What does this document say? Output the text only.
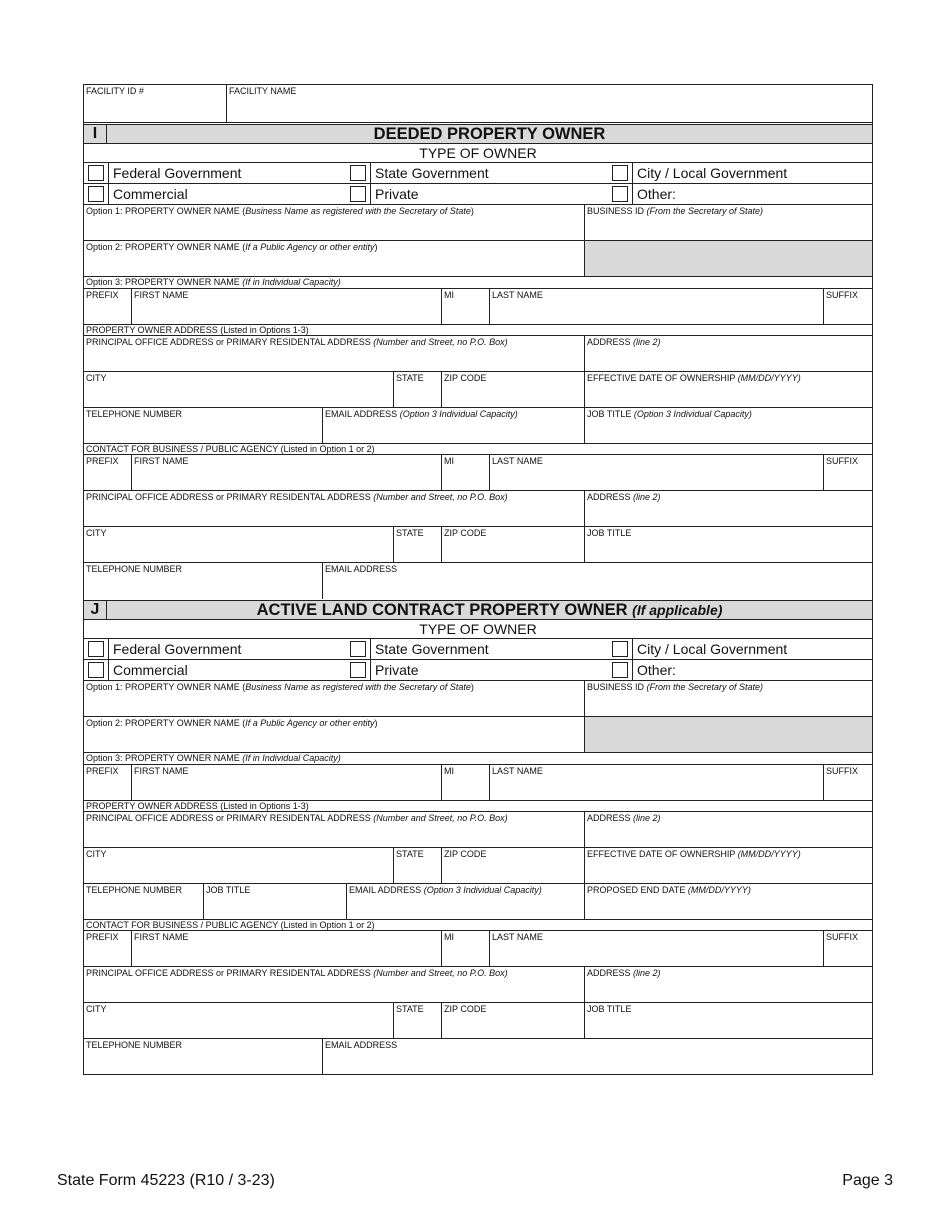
FACILITY ID #	FACILITY NAME
I	DEEDED PROPERTY OWNER
TYPE OF OWNER
Federal Government	State Government	City / Local Government
Commercial	Private	Other:
Option 1: PROPERTY OWNER NAME (Business Name as registered with the Secretary of State)	BUSINESS ID (From the Secretary of State)
Option 2: PROPERTY OWNER NAME (If a Public Agency or other entity)
Option 3: PROPERTY OWNER NAME (If in Individual Capacity)
PREFIX	FIRST NAME	MI	LAST NAME	SUFFIX
PROPERTY OWNER ADDRESS (Listed in Options 1-3)
PRINCIPAL OFFICE ADDRESS or PRIMARY RESIDENTAL ADDRESS (Number and Street, no P.O. Box)	ADDRESS (line 2)
CITY	STATE	ZIP CODE	EFFECTIVE DATE OF OWNERSHIP (MM/DD/YYYY)
TELEPHONE NUMBER	EMAIL ADDRESS (Option 3 Individual Capacity)	JOB TITLE (Option 3 Individual Capacity)
CONTACT FOR BUSINESS / PUBLIC AGENCY (Listed in Option 1 or 2)
PREFIX	FIRST NAME	MI	LAST NAME	SUFFIX
PRINCIPAL OFFICE ADDRESS or PRIMARY RESIDENTAL ADDRESS (Number and Street, no P.O. Box)	ADDRESS (line 2)
CITY	STATE	ZIP CODE	JOB TITLE
TELEPHONE NUMBER	EMAIL ADDRESS
J	ACTIVE LAND CONTRACT PROPERTY OWNER (If applicable)
TYPE OF OWNER
Federal Government	State Government	City / Local Government
Commercial	Private	Other:
Option 1: PROPERTY OWNER NAME (Business Name as registered with the Secretary of State)	BUSINESS ID (From the Secretary of State)
Option 2: PROPERTY OWNER NAME (If a Public Agency or other entity)
Option 3: PROPERTY OWNER NAME (If in Individual Capacity)
PREFIX	FIRST NAME	MI	LAST NAME	SUFFIX
PROPERTY OWNER ADDRESS (Listed in Options 1-3)
PRINCIPAL OFFICE ADDRESS or PRIMARY RESIDENTAL ADDRESS (Number and Street, no P.O. Box)	ADDRESS (line 2)
CITY	STATE	ZIP CODE	EFFECTIVE DATE OF OWNERSHIP (MM/DD/YYYY)
TELEPHONE NUMBER	JOB TITLE	EMAIL ADDRESS (Option 3 Individual Capacity)	PROPOSED END DATE (MM/DD/YYYY)
CONTACT FOR BUSINESS / PUBLIC AGENCY (Listed in Option 1 or 2)
PREFIX	FIRST NAME	MI	LAST NAME	SUFFIX
PRINCIPAL OFFICE ADDRESS or PRIMARY RESIDENTAL ADDRESS (Number and Street, no P.O. Box)	ADDRESS (line 2)
CITY	STATE	ZIP CODE	JOB TITLE
TELEPHONE NUMBER	EMAIL ADDRESS
State Form 45223 (R10 / 3-23)	Page 3
